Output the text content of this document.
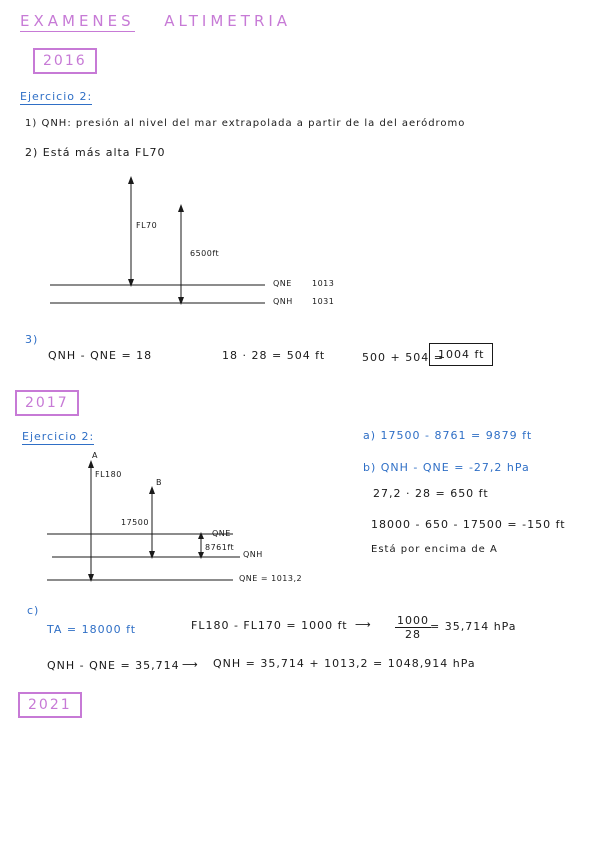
EXAMENES ALTIMETRIA
2016
Ejercicio 2:
1) QNH: presión al nivel del mar extrapolada a partir de la del aeródromo
2) Está más alta FL70
FL70
6500ft
QNE	1013
QNH 1031
3)
QNH - QNE = 18	18 · 28 = 504 ft	500 + 504 =
1004 ft
2017
Ejercicio 2:	a) 17500 - 8761 = 9879 ft
b) QNH - QNE = -27,2 hPa
27,2 · 28 = 650 ft
18000 - 650 - 17500 = -150 ft
Está por encima de A
A
B
FL180
17500
QNE
8761ft
QNH
QNE = 1013,2
c)
TA = 18000 ft	FL180 - FL170 = 1000 ft ⟶ $\frac{1000}{28} = 35,714$ hPa
QNH - QNE = 35,714 ⟶ QNH = 35,714 + 1013,2 = 1048,914 hPa
2021
